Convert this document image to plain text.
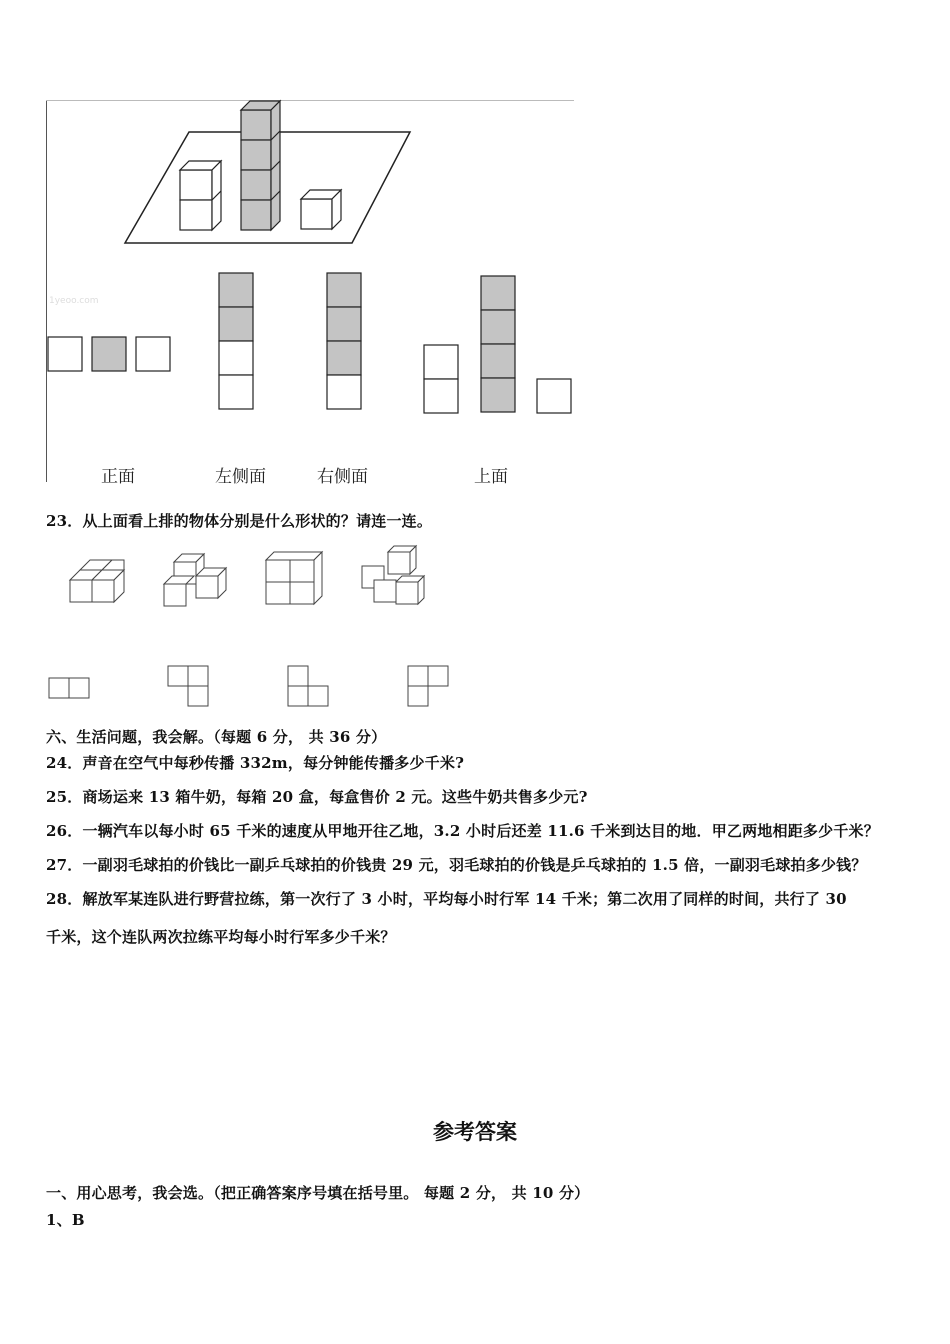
1yeoo.com
正面	左侧面	右侧面	上面
23．从上面看上排的物体分别是什么形状的？请连一连。
六、生活问题，我会解。（每题 6 分， 共 36 分）
24．声音在空气中每秒传播 332m，每分钟能传播多少千米?
25．商场运来 13 箱牛奶，每箱 20 盒，每盒售价 2 元。这些牛奶共售多少元?
26．一辆汽车以每小时 65 千米的速度从甲地开往乙地，3.2 小时后还差 11.6 千米到达目的地．甲乙两地相距多少千米？
27．一副羽毛球拍的价钱比一副乒乓球拍的价钱贵 29 元，羽毛球拍的价钱是乒乓球拍的 1.5 倍，一副羽毛球拍多少钱？
28．解放军某连队进行野营拉练，第一次行了 3 小时，平均每小时行军 14 千米；第二次用了同样的时间，共行了 30
千米，这个连队两次拉练平均每小时行军多少千米？
参考答案
一、用心思考，我会选。（把正确答案序号填在括号里。 每题 2 分， 共 10 分）
1、B
